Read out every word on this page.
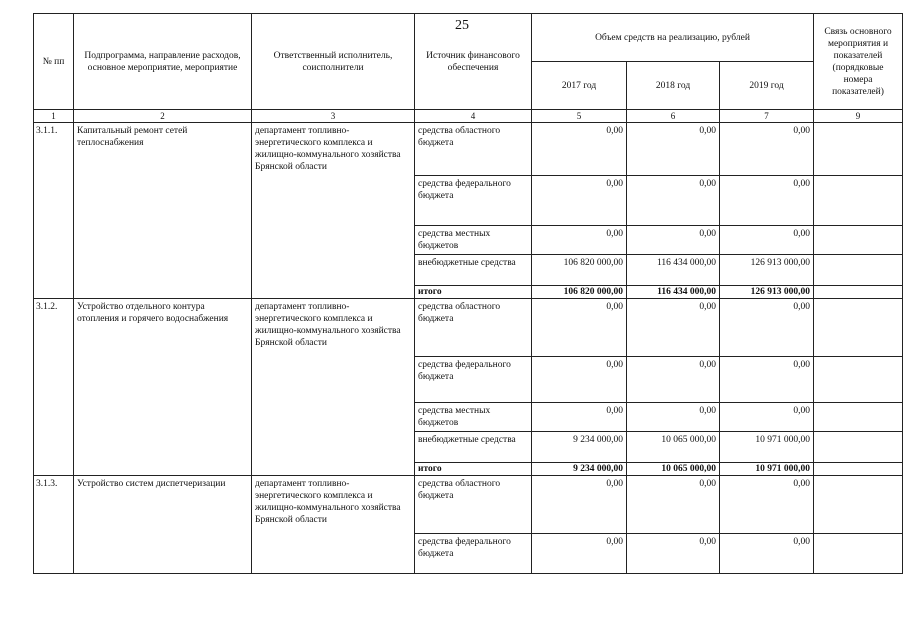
25
№ пп	Подпрограмма, направление расходов, основное мероприятие, мероприятие	Ответственный исполнитель, соисполнители	Источник финансового обеспечения	Объем средств на реализацию, рублей			Связь основного мероприятия и показателей (порядковые номера показателей)
				2017 год	2018 год	2019 год	
1	2	3	4	5	6	7	9
3.1.1.	Капитальный ремонт сетей теплоснабжения	департамент топливно-энергетического комплекса и жилищно-коммунального хозяйства Брянской области	средства областного бюджета	0,00	0,00	0,00	
			средства федерального бюджета	0,00	0,00	0,00	
			средства местных бюджетов	0,00	0,00	0,00	
			внебюджетные средства	106 820 000,00	116 434 000,00	126 913 000,00	
			итого	106 820 000,00	116 434 000,00	126 913 000,00	
3.1.2.	Устройство отдельного контура отопления и горячего водоснабжения	департамент топливно-энергетического комплекса и жилищно-коммунального хозяйства Брянской области	средства областного бюджета	0,00	0,00	0,00	
			средства федерального бюджета	0,00	0,00	0,00	
			средства местных бюджетов	0,00	0,00	0,00	
			внебюджетные средства	9 234 000,00	10 065 000,00	10 971 000,00	
			итого	9 234 000,00	10 065 000,00	10 971 000,00	
3.1.3.	Устройство систем диспетчеризации	департамент топливно-энергетического комплекса и жилищно-коммунального хозяйства Брянской области	средства областного бюджета	0,00	0,00	0,00	
			средства федерального бюджета	0,00	0,00	0,00	
